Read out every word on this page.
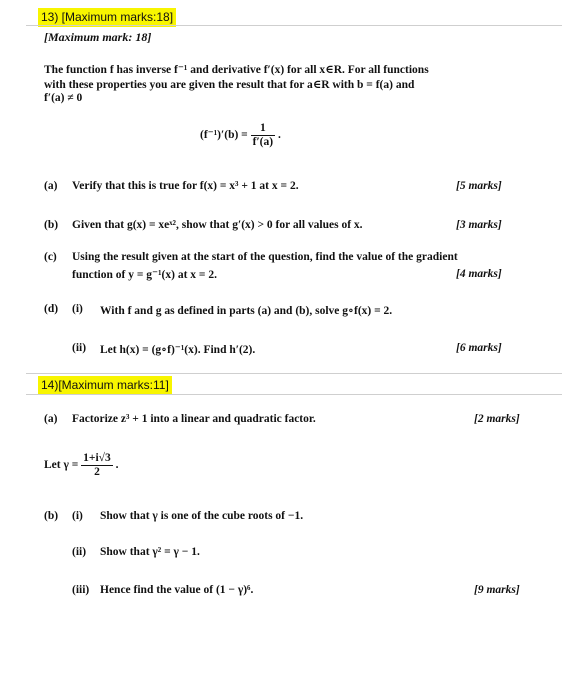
13) [Maximum marks:18]
[Maximum mark: 18]
The function f has inverse f⁻¹ and derivative f′(x) for all x∈R. For all functions
with these properties you are given the result that for a∈R with b = f(a) and
f′(a) ≠ 0
$(f^{-1})'(b) = \frac{1}{f'(a)}$ .
(a) Verify that this is true for f(x) = x³ + 1 at x = 2.	[5 marks]
(b) Given that g(x) = xeˣ², show that g′(x) > 0 for all values of x.	[3 marks]
(c) Using the result given at the start of the question, find the value of the gradient
function of y = g⁻¹(x) at x = 2.	[4 marks]
(d) (i) With f and g as defined in parts (a) and (b), solve g∘f(x) = 2.
(ii) Let h(x) = (g∘f)⁻¹(x). Find h′(2).	[6 marks]
14)[Maximum marks:11]
(a) Factorize z³ + 1 into a linear and quadratic factor.	[2 marks]
Let $\gamma = \frac{1+i√3}{2}$ .
(b) (i) Show that γ is one of the cube roots of −1.
(ii) Show that γ² = γ − 1.
(iii) Hence find the value of (1 − γ)⁶.	[9 marks]
